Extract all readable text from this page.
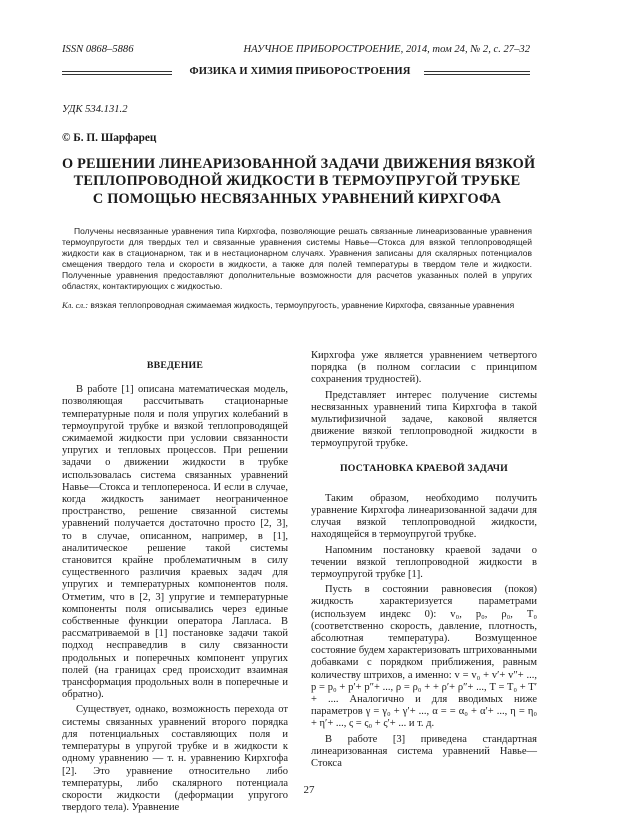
ISSN 0868–5886	НАУЧНОЕ ПРИБОРОСТРОЕНИЕ, 2014, том 24, № 2, с. 27–32
ФИЗИКА И ХИМИЯ ПРИБОРОСТРОЕНИЯ
УДК 534.131.2
© Б. П. Шарфарец
О РЕШЕНИИ ЛИНЕАРИЗОВАННОЙ ЗАДАЧИ ДВИЖЕНИЯ ВЯЗКОЙ
ТЕПЛОПРОВОДНОЙ ЖИДКОСТИ В ТЕРМОУПРУГОЙ ТРУБКЕ
С ПОМОЩЬЮ НЕСВЯЗАННЫХ УРАВНЕНИЙ КИРХГОФА

Получены несвязанные уравнения типа Кирхгофа, позволяющие решать связанные линеаризованные уравнения термоупругости для твердых тел и связанные уравнения системы Навье—Стокса для вязкой теплопроводящей жидкости как в стационарном, так и в нестационарном случаях. Уравнения записаны для скалярных потенциалов смещения твердого тела и скорости в жидкости, а также для полей температуры в твердом теле и жидкости. Полученные уравнения предоставляют дополнительные возможности для расчетов указанных полей в упругих областях, контактирующих с жидкостью.

Кл. сл.: вязкая теплопроводная сжимаемая жидкость, термоупругость, уравнение Кирхгофа, связанные уравнения
ВВЕДЕНИЕ

В работе [1] описана математическая модель, позволяющая рассчитывать стационарные температурные поля и поля упругих колебаний в термоупругой трубке и вязкой теплопроводящей сжимаемой жидкости при условии связанности упругих и тепловых процессов. При решении задачи о движении жидкости в трубке использовалась система связанных уравнений Навье—Стокса и теплопереноса. И если в случае, когда жидкость занимает неограниченное пространство, решение связанной системы уравнений получается достаточно просто [2, 3], то в случае, описанном, например, в [1], аналитическое решение такой системы становится крайне проблематичным в силу существенного различия краевых задач для упругих и температурных компонентов поля. Отметим, что в [2, 3] упругие и температурные компоненты поля описывались через единые собственные функции оператора Лапласа. В рассматриваемой в [1] постановке задачи такой подход несправедлив в силу связанности продольных и поперечных компонент упругих полей (на границах сред происходит взаимная трансформация продольных волн в поперечные и обратно).

Существует, однако, возможность перехода от системы связанных уравнений второго порядка для потенциальных составляющих поля и температуры в упругой трубке и в жидкости к одному уравнению — т. н. уравнению Кирхгофа [2]. Это уравнение относительно либо температуры, либо скалярного потенциала скорости жидкости (деформации упругого твердого тела). Уравнение

Кирхгофа уже является уравнением четвертого порядка (в полном согласии с принципом сохранения трудностей).

Представляет интерес получение системы несвязанных уравнений типа Кирхгофа в такой мультифизичной задаче, каковой является движение вязкой теплопроводной жидкости в термоупругой трубке.

ПОСТАНОВКА КРАЕВОЙ ЗАДАЧИ

Таким образом, необходимо получить уравнение Кирхгофа линеаризованной задачи для случая вязкой теплопроводной жидкости, находящейся в термоупругой трубке.

Напомним постановку краевой задачи о течении вязкой теплопроводной жидкости в термоупругой трубке [1].

Пусть в состоянии равновесия (покоя) жидкость характеризуется параметрами (используем индекс 0): v₀, p₀, ρ₀, T₀ (соответственно скорость, давление, плотность, абсолютная температура). Возмущенное состояние будем характеризовать штрихованными добавками с порядком приближения, равным количеству штрихов, а именно: v = v₀ + v′+ v″+ ..., p = p₀ + p′+ p″+ ..., ρ = ρ₀ + + ρ′+ ρ″+ ..., T = T₀ + T′+ .... Аналогично и для вводимых ниже параметров γ = γ₀ + γ′+ ..., α = = α₀ + α′+ ..., η = η₀ + η′+ ..., ς = ς₀ + ς′+ ... и т. д.

В работе [3] приведена стандартная линеаризованная система уравнений Навье—Стокса

27
